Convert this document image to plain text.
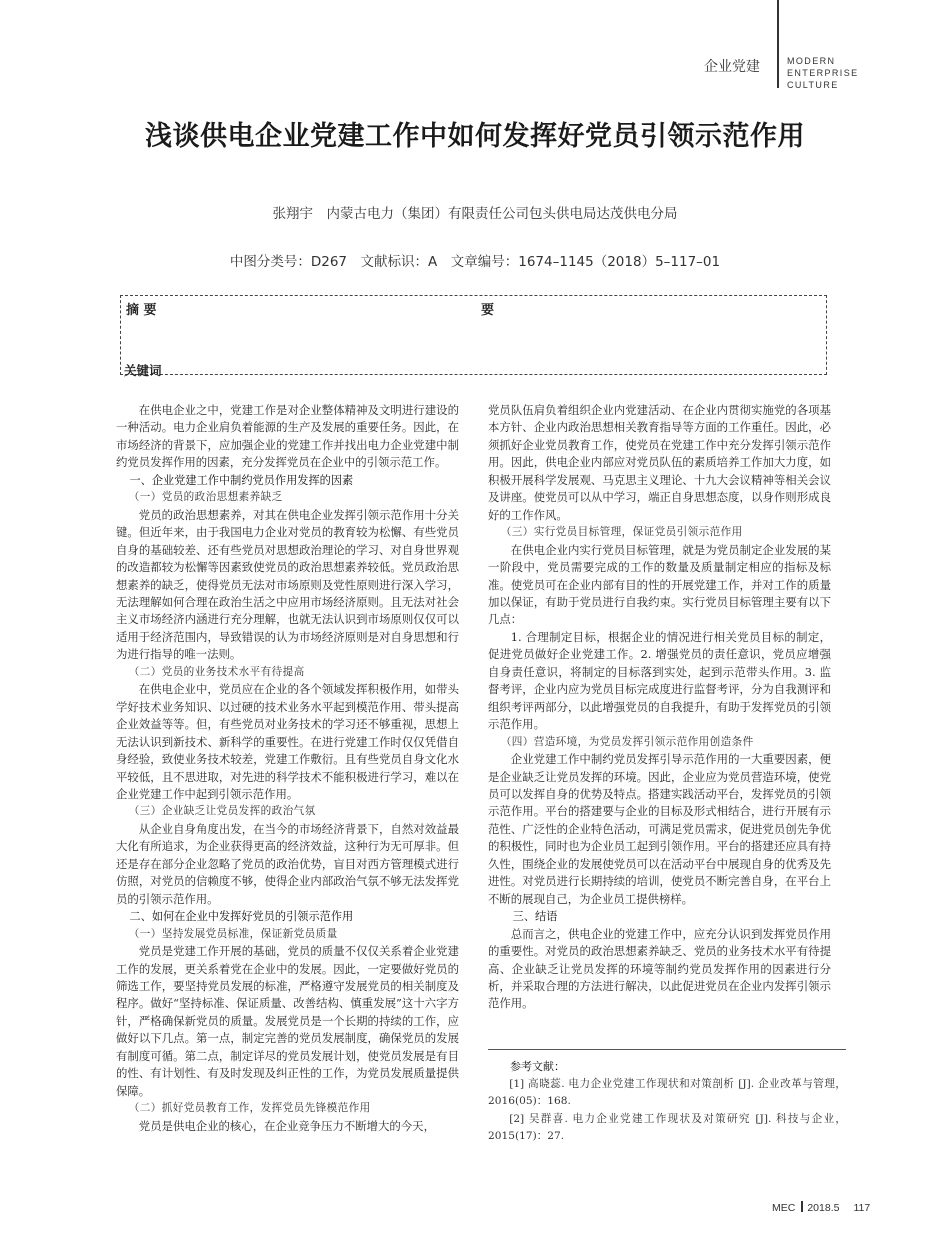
企业党建	MODERN
ENTERPRISE
CULTURE
浅谈供电企业党建工作中如何发挥好党员引领示范作用
张翔宇　内蒙古电力（集团）有限责任公司包头供电局达茂供电分局
中图分类号：D267　文献标识：A　文章编号：1674–1145（2018）5–117–01
摘 要	要
关键词

在供电企业之中，党建工作是对企业整体精神及文明进行建设的一种活动。电力企业肩负着能源的生产及发展的重要任务。因此，在市场经济的背景下，应加强企业的党建工作并找出电力企业党建中制约党员发挥作用的因素，充分发挥党员在企业中的引领示范工作。

一、企业党建工作中制约党员作用发挥的因素

（一）党员的政治思想素养缺乏

党员的政治思想素养，对其在供电企业发挥引领示范作用十分关键。但近年来，由于我国电力企业对党员的教育较为松懈、有些党员自身的基础较差、还有些党员对思想政治理论的学习、对自身世界观的改造都较为松懈等因素致使党员的政治思想素养较低。党员政治思想素养的缺乏，使得党员无法对市场原则及党性原则进行深入学习，无法理解如何合理在政治生活之中应用市场经济原则。且无法对社会主义市场经济内涵进行充分理解，也就无法认识到市场原则仅仅可以适用于经济范围内，导致错误的认为市场经济原则是对自身思想和行为进行指导的唯一法则。

（二）党员的业务技术水平有待提高

在供电企业中，党员应在企业的各个领域发挥积极作用，如带头学好技术业务知识、以过硬的技术业务水平起到模范作用、带头提高企业效益等等。但，有些党员对业务技术的学习还不够重视，思想上无法认识到新技术、新科学的重要性。在进行党建工作时仅仅凭借自身经验，致使业务技术较差，党建工作敷衍。且有些党员自身文化水平较低，且不思进取，对先进的科学技术不能积极进行学习，难以在企业党建工作中起到引领示范作用。

（三）企业缺乏让党员发挥的政治气氛

从企业自身角度出发，在当今的市场经济背景下，自然对效益最大化有所追求，为企业获得更高的经济效益，这种行为无可厚非。但还是存在部分企业忽略了党员的政治优势，盲目对西方管理模式进行仿照，对党员的信赖度不够，使得企业内部政治气氛不够无法发挥党员的引领示范作用。

二、如何在企业中发挥好党员的引领示范作用

（一）坚持发展党员标准，保证新党员质量

党员是党建工作开展的基础，党员的质量不仅仅关系着企业党建工作的发展，更关系着党在企业中的发展。因此，一定要做好党员的筛选工作，要坚持党员发展的标准，严格遵守发展党员的相关制度及程序。做好“坚持标准、保证质量、改善结构、慎重发展”这十六字方针，严格确保新党员的质量。发展党员是一个长期的持续的工作，应做好以下几点。第一点，制定完善的党员发展制度，确保党员的发展有制度可循。第二点，制定详尽的党员发展计划，使党员发展是有目的性、有计划性、有及时发现及纠正性的工作，为党员发展质量提供保障。

（二）抓好党员教育工作，发挥党员先锋模范作用

党员是供电企业的核心，在企业竞争压力不断增大的今天，

党员队伍肩负着组织企业内党建活动、在企业内贯彻实施党的各项基本方针、企业内政治思想相关教育指导等方面的工作重任。因此，必须抓好企业党员教育工作，使党员在党建工作中充分发挥引领示范作用。因此，供电企业内部应对党员队伍的素质培养工作加大力度，如积极开展科学发展观、马克思主义理论、十九大会议精神等相关会议及讲座。使党员可以从中学习，端正自身思想态度，以身作则形成良好的工作作风。

（三）实行党员目标管理，保证党员引领示范作用

在供电企业内实行党员目标管理，就是为党员制定企业发展的某一阶段中，党员需要完成的工作的数量及质量制定相应的指标及标准。使党员可在企业内部有目的性的开展党建工作，并对工作的质量加以保证，有助于党员进行自我约束。实行党员目标管理主要有以下几点：

1. 合理制定目标，根据企业的情况进行相关党员目标的制定，促进党员做好企业党建工作。2. 增强党员的责任意识，党员应增强自身责任意识，将制定的目标落到实处，起到示范带头作用。3. 监督考评，企业内应为党员目标完成度进行监督考评，分为自我测评和组织考评两部分，以此增强党员的自我提升，有助于发挥党员的引领示范作用。

（四）营造环境，为党员发挥引领示范作用创造条件

企业党建工作中制约党员发挥引导示范作用的一大重要因素，便是企业缺乏让党员发挥的环境。因此，企业应为党员营造环境，使党员可以发挥自身的优势及特点。搭建实践活动平台，发挥党员的引领示范作用。平台的搭建要与企业的目标及形式相结合，进行开展有示范性、广泛性的企业特色活动，可满足党员需求，促进党员创先争优的积极性，同时也为企业员工起到引领作用。平台的搭建还应具有持久性，围绕企业的发展使党员可以在活动平台中展现自身的优秀及先进性。对党员进行长期持续的培训，使党员不断完善自身，在平台上不断的展现自己，为企业员工提供榜样。

三、结语

总而言之，供电企业的党建工作中，应充分认识到发挥党员作用的重要性。对党员的政治思想素养缺乏、党员的业务技术水平有待提高、企业缺乏让党员发挥的环境等制约党员发挥作用的因素进行分析，并采取合理的方法进行解决，以此促进党员在企业内发挥引领示范作用。

参考文献：
[1] 高晓蕊. 电力企业党建工作现状和对策剖析 [J]. 企业改革与管理，2016(05)：168.
[2] 吴群喜. 电力企业党建工作现状及对策研究 [J]. 科技与企业，2015(17)：27.
MEC 2018.5 117
